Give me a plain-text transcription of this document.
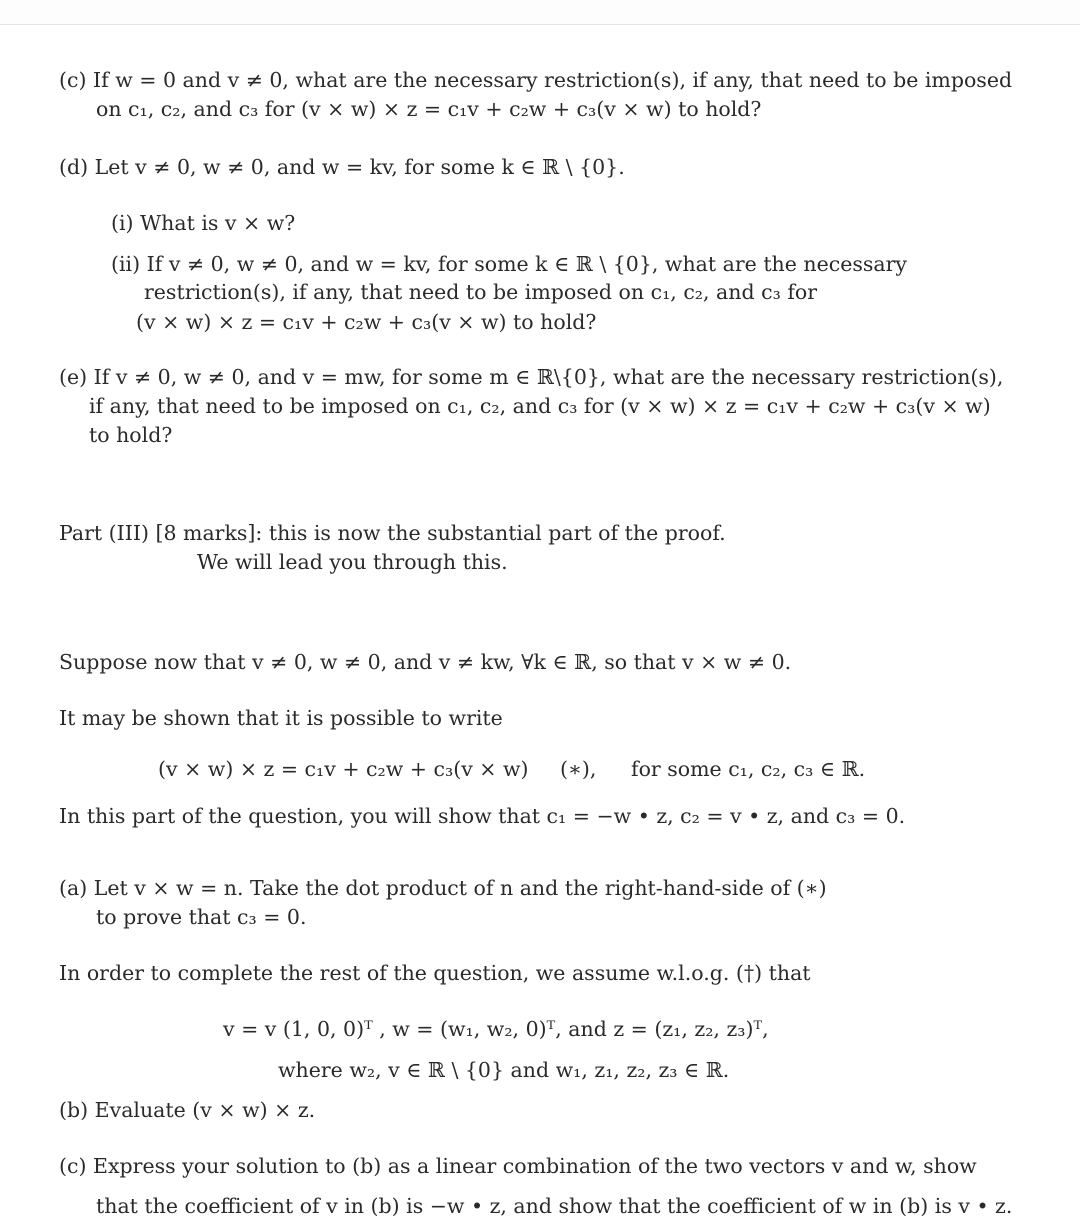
(c) If w = 0 and v ≠ 0, what are the necessary restriction(s), if any, that need to be imposed
on c₁, c₂, and c₃ for (v × w) × z = c₁v + c₂w + c₃(v × w) to hold?
(d) Let v ≠ 0, w ≠ 0, and w = kv, for some k ∈ ℝ \ {0}.
(i) What is v × w?
(ii) If v ≠ 0, w ≠ 0, and w = kv, for some k ∈ ℝ \ {0}, what are the necessary
restriction(s), if any, that need to be imposed on c₁, c₂, and c₃ for
(v × w) × z = c₁v + c₂w + c₃(v × w) to hold?
(e) If v ≠ 0, w ≠ 0, and v = mw, for some m ∈ ℝ\{0}, what are the necessary restriction(s),
if any, that need to be imposed on c₁, c₂, and c₃ for (v × w) × z = c₁v + c₂w + c₃(v × w)
to hold?
Part (III) [8 marks]: this is now the substantial part of the proof.
We will lead you through this.
Suppose now that v ≠ 0, w ≠ 0, and v ≠ kw, ∀k ∈ ℝ, so that v × w ≠ 0.
It may be shown that it is possible to write
(v × w) × z = c₁v + c₂w + c₃(v × w) (∗), for some c₁, c₂, c₃ ∈ ℝ.
In this part of the question, you will show that c₁ = −w • z, c₂ = v • z, and c₃ = 0.
(a) Let v × w = n. Take the dot product of n and the right-hand-side of (∗)
to prove that c₃ = 0.
In order to complete the rest of the question, we assume w.l.o.g. (†) that
v = v (1, 0, 0)ᵀ , w = (w₁, w₂, 0)ᵀ, and z = (z₁, z₂, z₃)ᵀ,
where w₂, v ∈ ℝ \ {0} and w₁, z₁, z₂, z₃ ∈ ℝ.
(b) Evaluate (v × w) × z.
(c) Express your solution to (b) as a linear combination of the two vectors v and w, show
that the coefficient of v in (b) is −w • z, and show that the coefficient of w in (b) is v • z.
